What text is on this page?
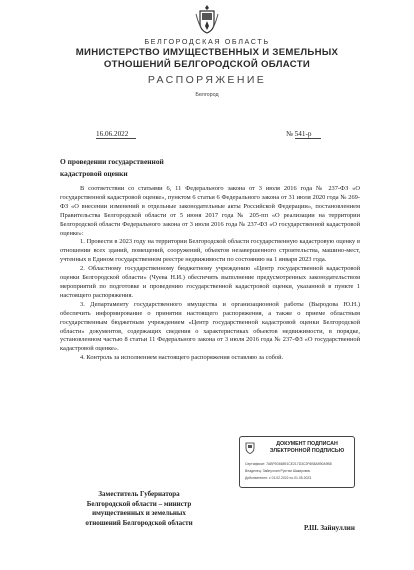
БЕЛГОРОДСКАЯ ОБЛАСТЬ
МИНИСТЕРСТВО ИМУЩЕСТВЕННЫХ И ЗЕМЕЛЬНЫХ
ОТНОШЕНИЙ БЕЛГОРОДСКОЙ ОБЛАСТИ
РАСПОРЯЖЕНИЕ
Белгород
16.06.2022	№ 541-р
О проведении государственной
кадастровой оценки

В соответствии со статьями 6, 11 Федерального закона от 3 июля 2016 года № 237-ФЗ «О государственной кадастровой оценке», пунктом 6 статьи 6 Федерального закона от 31 июля 2020 года № 269-ФЗ «О внесении изменений в отдельные законодательные акты Российской Федерации», постановлением Правительства Белгородской области от 5 июня 2017 года № 205-пп «О реализации на территории Белгородской области Федерального закона от 3 июля 2016 года № 237-ФЗ «О государственной кадастровой оценке»:

1. Провести в 2023 году на территории Белгородской области государственную кадастровую оценку в отношении всех зданий, помещений, сооружений, объектов незавершенного строительства, машино-мест, учтенных в Едином государственном реестре недвижимости по состоянию на 1 января 2023 года.

2. Областному государственному бюджетному учреждению «Центр государственной кадастровой оценки Белгородской области» (Чуева Н.И.) обеспечить выполнение предусмотренных законодательством мероприятий по подготовке и проведению государственной кадастровой оценки, указанной в пункте 1 настоящего распоряжения.

3. Департаменту государственного имущества и организационной работы (Выродова Ю.Н.) обеспечить информирование о принятии настоящего распоряжения, а также о приеме областным государственным бюджетным учреждением «Центр государственной кадастровой оценки Белгородской области» документов, содержащих сведения о характеристиках объектов недвижимости, в порядке, установленном частью 8 статьи 11 Федерального закона от 3 июля 2016 года № 237-ФЗ «О государственной кадастровой оценке».

4. Контроль за исполнением настоящего распоряжения оставляю за собой.

ДОКУМЕНТ ПОДПИСАН
ЭЛЕКТРОННОЙ ПОДПИСЬЮ
Сертификат: 7ABF9D66891CE217D3C2F6B8A590A9B8
Владелец: Зайнуллин Рустэм Шакирович
Действителен: с 01.02.2022 по 01.05.2023
Заместитель Губернатора
Белгородской области – министр
имущественных и земельных
отношений Белгородской области
Р.Ш. Зайнуллин
